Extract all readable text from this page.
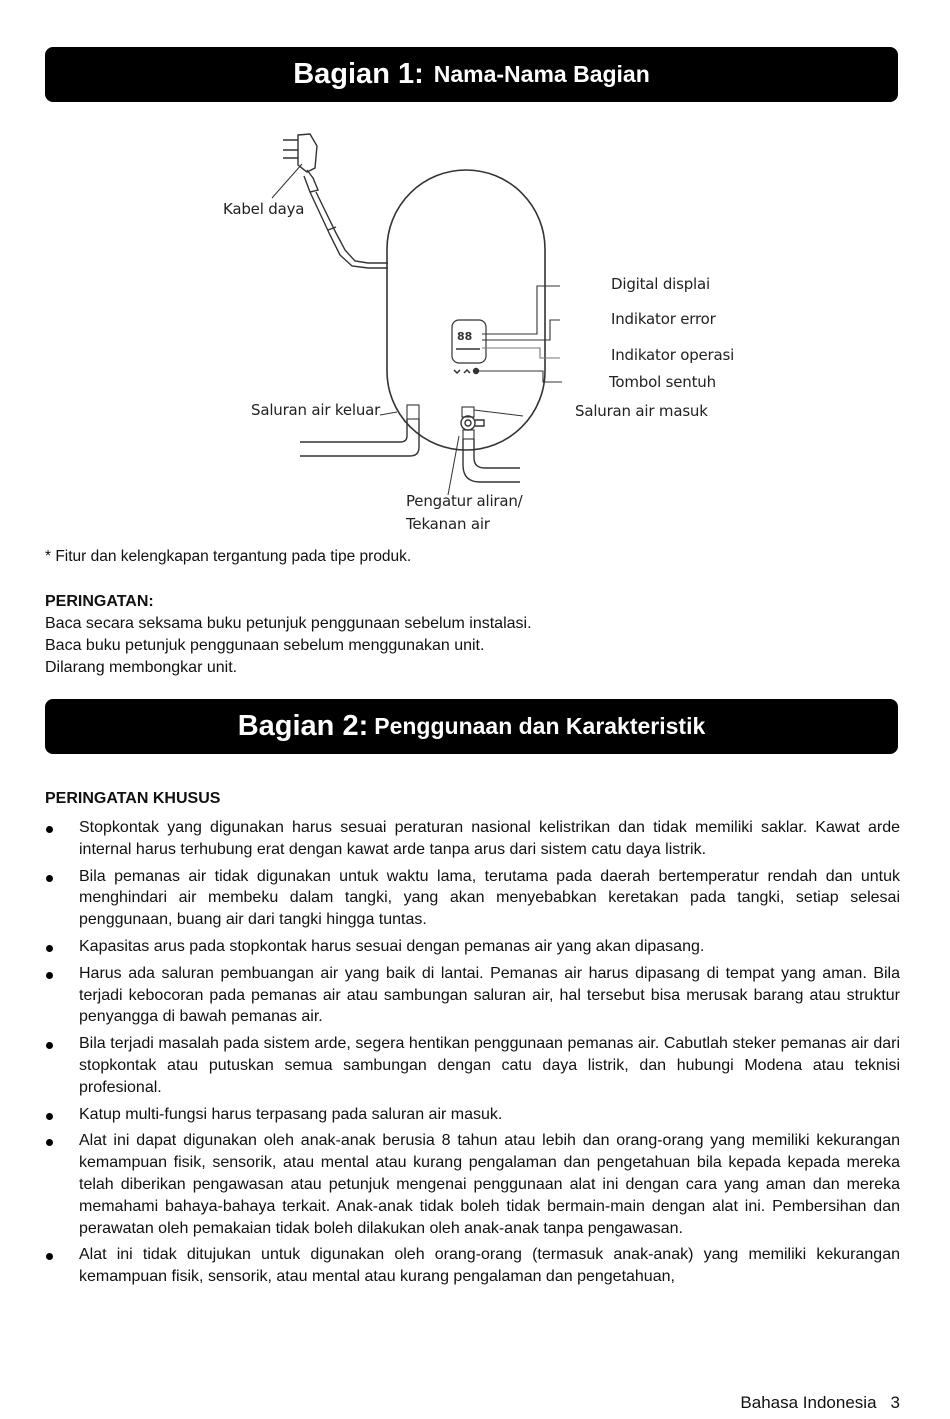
Bagian 1: Nama-Nama Bagian
88
Kabel daya
Digital displai
Indikator error
Indikator operasi
Tombol sentuh
Saluran air keluar	Saluran air masuk
Pengatur aliran/
Tekanan air
* Fitur dan kelengkapan tergantung pada tipe produk.
PERINGATAN:
Baca secara seksama buku petunjuk penggunaan sebelum instalasi.
Baca buku petunjuk penggunaan sebelum menggunakan unit.
Dilarang membongkar unit.
Bagian 2: Penggunaan dan Karakteristik
PERINGATAN KHUSUS
Stopkontak yang digunakan harus sesuai peraturan nasional kelistrikan dan tidak memiliki saklar. Kawat arde internal harus terhubung erat dengan kawat arde tanpa arus dari sistem catu daya listrik.
Bila pemanas air tidak digunakan untuk waktu lama, terutama pada daerah bertemperatur rendah dan untuk menghindari air membeku dalam tangki, yang akan menyebabkan keretakan pada tangki, setiap selesai penggunaan, buang air dari tangki hingga tuntas.
Kapasitas arus pada stopkontak harus sesuai dengan pemanas air yang akan dipasang.
Harus ada saluran pembuangan air yang baik di lantai. Pemanas air harus dipasang di tempat yang aman. Bila terjadi kebocoran pada pemanas air atau sambungan saluran air, hal tersebut bisa merusak barang atau struktur penyangga di bawah pemanas air.
Bila terjadi masalah pada sistem arde, segera hentikan penggunaan pemanas air. Cabutlah steker pemanas air dari stopkontak atau putuskan semua sambungan dengan catu daya listrik, dan hubungi Modena atau teknisi profesional.
Katup multi-fungsi harus terpasang pada saluran air masuk.
Alat ini dapat digunakan oleh anak-anak berusia 8 tahun atau lebih dan orang-orang yang memiliki kekurangan kemampuan fisik, sensorik, atau mental atau kurang pengalaman dan pengetahuan bila kepada kepada mereka telah diberikan pengawasan atau petunjuk mengenai penggunaan alat ini dengan cara yang aman dan mereka memahami bahaya-bahaya terkait. Anak-anak tidak boleh tidak bermain-main dengan alat ini. Pembersihan dan perawatan oleh pemakaian tidak boleh dilakukan oleh anak-anak tanpa pengawasan.
Alat ini tidak ditujukan untuk digunakan oleh orang-orang (termasuk anak-anak) yang memiliki kekurangan kemampuan fisik, sensorik, atau mental atau kurang pengalaman dan pengetahuan,
Bahasa Indonesia 3
